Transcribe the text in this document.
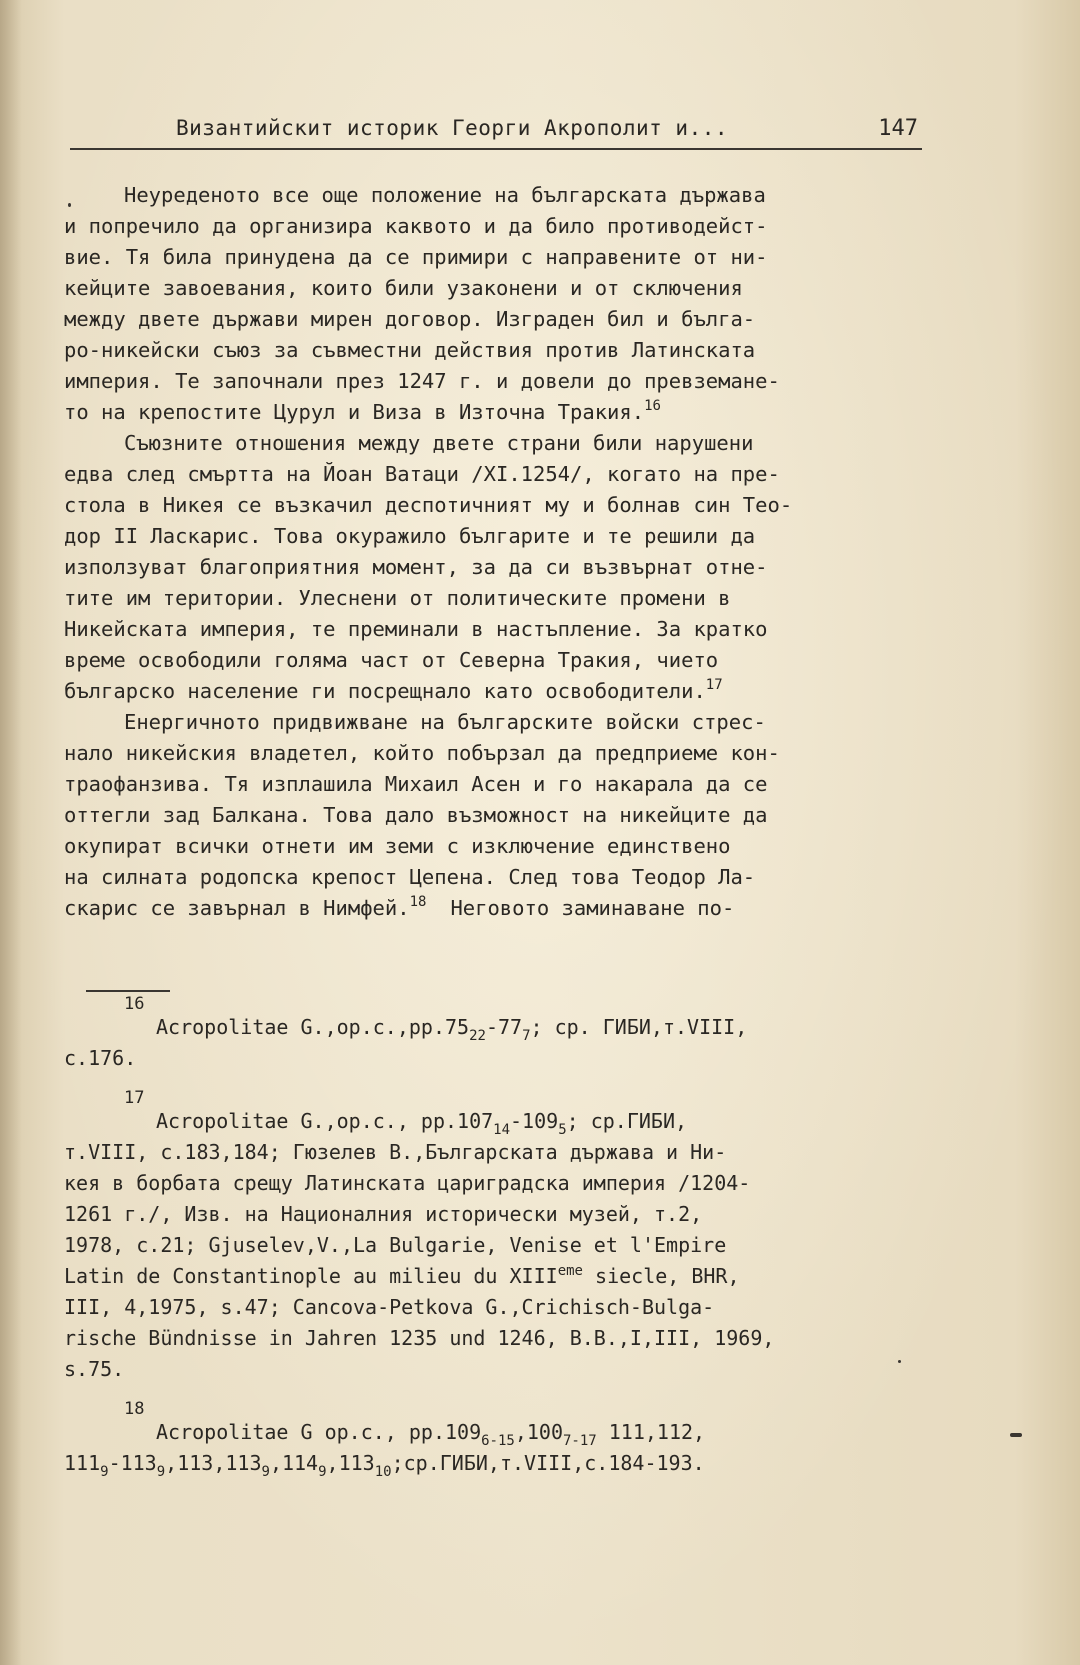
Византийскит историк Георги Акрополит и...	147
Неуреденото все още положение на българската държава
и попречило да организира каквото и да било противодейст-
вие. Тя била принудена да се примири с направените от ни-
кейците завоевания, които били узаконени и от сключения
между двете държави мирен договор. Изграден бил и бълга-
ро-никейски съюз за съвместни действия против Латинската
империя. Те започнали през 1247 г. и довели до превземане-
то на крепостите Цурул и Виза в Източна Тракия.$^{16}$
Съюзните отношения между двете страни били нарушени
едва след смъртта на Йоан Ватаци /XI.1254/, когато на пре-
стола в Никея се възкачил деспотичният му и болнав син Тео-
дор II Ласкарис. Това окуражило българите и те решили да
използуват благоприятния момент, за да си възвърнат отне-
тите им територии. Улеснени от политическите промени в
Никейската империя, те преминали в настъпление. За кратко
време освободили голяма част от Северна Тракия, чието
българско население ги посрещнало като освободители.$^{17}$
Енергичното придвижване на българските войски стрес-
нало никейския владетел, който побързал да предприеме кон-
траофанзива. Тя изплашила Михаил Асен и го накарала да се
оттегли зад Балкана. Това дало възможност на никейците да
окупират всички отнети им земи с изключение единствено
на силната родопска крепост Цепена. След това Теодор Ла-
скарис се завърнал в Нимфей.$^{18}$ Неговото заминаване по-
16
Acropolitae $G.,op.c.,pp.75_{22}-77_7$; ср. ГИБИ,т.VIII,
с.176.
17
Acropolitae G.,op.c., $pp.107_{14}-109_5$; ср.ГИБИ,
т.VIII, с.183,184; Гюзелев В.,Българската държава и Ни-
кея в борбата срещу Латинската цариградска империя /1204-
1261 г./, Изв. на Националния исторически музей, т.2,
1978, с.21; Gjuselev,V.,La Bulgarie, Venise et l'Empire
Latin de Constantinople au milieu du XIIIeme siecle, BHR,
III, 4,1975, s.47; Cancova-Petkova G.,Crichisch-Bulga-
rische Bündnisse in Jahren 1235 und 1246, B.B.,I,III, 1969,
s.75.
18
Acropolitae G op.c., $pp.109_{6-15},100_{7-17}$ 111,112,
$111_9-113_9,113,113_9,114_9,113_{10};ср.ГИБИ,т.VIII,с.184-193$.
